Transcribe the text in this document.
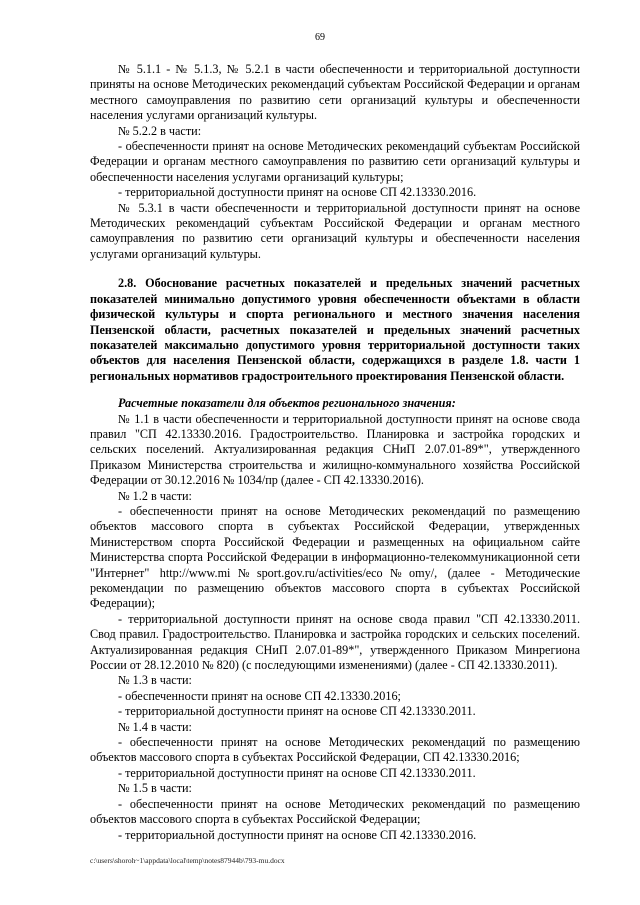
69

№ 5.1.1 - № 5.1.3, № 5.2.1 в части обеспеченности и территориальной доступности приняты на основе Методических рекомендаций субъектам Российской Федерации и органам местного самоуправления по развитию сети организаций культуры и обеспеченности населения услугами организаций культуры.

№ 5.2.2 в части:

- обеспеченности принят на основе Методических рекомендаций субъектам Российской Федерации и органам местного самоуправления по развитию сети организаций культуры и обеспеченности населения услугами организаций культуры;

- территориальной доступности принят на основе СП 42.13330.2016.

№ 5.3.1 в части обеспеченности и территориальной доступности принят на основе Методических рекомендаций субъектам Российской Федерации и органам местного самоуправления по развитию сети организаций культуры и обеспеченности населения услугами организаций культуры.

2.8. Обоснование расчетных показателей и предельных значений расчетных показателей минимально допустимого уровня обеспеченности объектами в области физической культуры и спорта регионального и местного значения населения Пензенской области, расчетных показателей и предельных значений расчетных показателей максимально допустимого уровня территориальной доступности таких объектов для населения Пензенской области, содержащихся в разделе 1.8. части 1 региональных нормативов градостроительного проектирования Пензенской области.

Расчетные показатели для объектов регионального значения:

№ 1.1 в части обеспеченности и территориальной доступности принят на основе свода правил "СП 42.13330.2016. Градостроительство. Планировка и застройка городских и сельских поселений. Актуализированная редакция СНиП 2.07.01-89*", утвержденного Приказом Министерства строительства и жилищно-коммунального хозяйства Российской Федерации от 30.12.2016 № 1034/пр (далее - СП 42.13330.2016).

№ 1.2 в части:

- обеспеченности принят на основе Методических рекомендаций по размещению объектов массового спорта в субъектах Российской Федерации, утвержденных Министерством спорта Российской Федерации и размещенных на официальном сайте Министерства спорта Российской Федерации в информационно-телекоммуникационной сети "Интернет" http://www.mi№sport.gov.ru/activities/eco№omy/, (далее - Методические рекомендации по размещению объектов массового спорта в субъектах Российской Федерации);

- территориальной доступности принят на основе свода правил "СП 42.13330.2011. Свод правил. Градостроительство. Планировка и застройка городских и сельских поселений. Актуализированная редакция СНиП 2.07.01-89*", утвержденного Приказом Минрегиона России от 28.12.2010 № 820) (с последующими изменениями) (далее - СП 42.13330.2011).

№ 1.3 в части:

- обеспеченности принят на основе СП 42.13330.2016;

- территориальной доступности принят на основе СП 42.13330.2011.

№ 1.4 в части:

- обеспеченности принят на основе Методических рекомендаций по размещению объектов массового спорта в субъектах Российской Федерации, СП 42.13330.2016;

- территориальной доступности принят на основе СП 42.13330.2011.

№ 1.5 в части:

- обеспеченности принят на основе Методических рекомендаций по размещению объектов массового спорта в субъектах Российской Федерации;

- территориальной доступности принят на основе СП 42.13330.2016.

c:\users\shoroh~1\appdata\local\temp\notes87944b\793-mu.docx
